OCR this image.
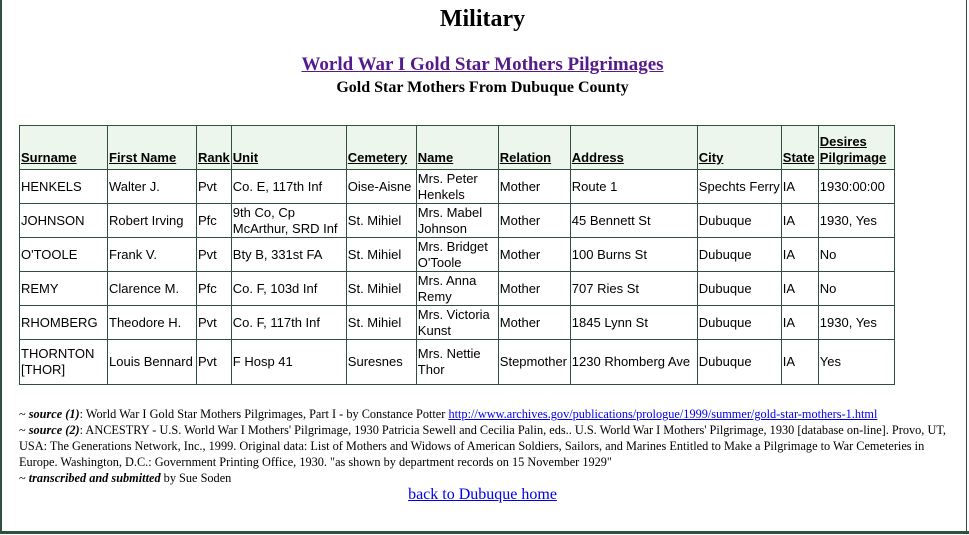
Military
World War I Gold Star Mothers Pilgrimages
Gold Star Mothers From Dubuque County
Surname	First Name	Rank	Unit	Cemetery	Name	Relation	Address	City	State	Desires Pilgrimage
HENKELS	Walter J.	Pvt	Co. E, 117th Inf	Oise-Aisne	Mrs. Peter Henkels	Mother	Route 1	Spechts Ferry	IA	1930:00:00
JOHNSON	Robert Irving	Pfc	9th Co, Cp McArthur, SRD Inf	St. Mihiel	Mrs. Mabel Johnson	Mother	45 Bennett St	Dubuque	IA	1930, Yes
O'TOOLE	Frank V.	Pvt	Bty B, 331st FA	St. Mihiel	Mrs. Bridget O'Toole	Mother	100 Burns St	Dubuque	IA	No
REMY	Clarence M.	Pfc	Co. F, 103d Inf	St. Mihiel	Mrs. Anna Remy	Mother	707 Ries St	Dubuque	IA	No
RHOMBERG	Theodore H.	Pvt	Co. F, 117th Inf	St. Mihiel	Mrs. Victoria Kunst	Mother	1845 Lynn St	Dubuque	IA	1930, Yes
THORNTON [THOR]	Louis Bennard	Pvt	F Hosp 41	Suresnes	Mrs. Nettie Thor	Stepmother	1230 Rhomberg Ave	Dubuque	IA	Yes

~ source (1): World War I Gold Star Mothers Pilgrimages, Part I - by Constance Potter http://www.archives.gov/publications/prologue/1999/summer/gold-star-mothers-1.html

~ source (2): ANCESTRY - U.S. World War I Mothers' Pilgrimage, 1930 Patricia Sewell and Cecilia Palin, eds.. U.S. World War I Mothers' Pilgrimage, 1930 [database on-line]. Provo, UT, USA: The Generations Network, Inc., 1999. Original data: List of Mothers and Widows of American Soldiers, Sailors, and Marines Entitled to Make a Pilgrimage to War Cemeteries in Europe. Washington, D.C.: Government Printing Office, 1930. "as shown by department records on 15 November 1929"

~ transcribed and submitted by Sue Soden

back to Dubuque home
